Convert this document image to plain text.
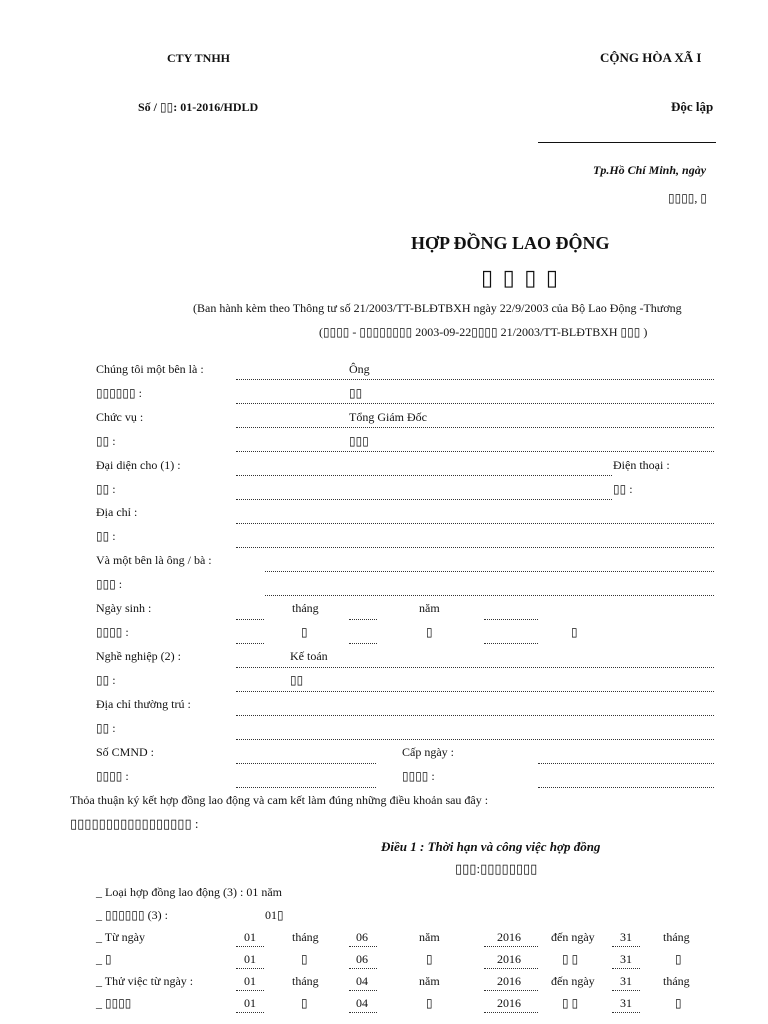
CTY TNHH	CỘNG HÒA XÃ I
Số / ▯▯: 01-2016/HDLD	Độc lập
Tp.Hồ Chí Minh, ngày
▯▯▯▯, ▯
HỢP ĐỒNG LAO ĐỘNG
▯ ▯ ▯ ▯
(Ban hành kèm theo Thông tư số 21/2003/TT-BLĐTBXH ngày 22/9/2003 của Bộ Lao Động -Thương
(▯▯▯▯ - ▯▯▯▯▯▯▯▯ 2003-09-22▯▯▯▯ 21/2003/TT-BLĐTBXH ▯▯▯ )
Chúng tôi một bên là :	Ông
▯▯▯▯▯▯ :	▯▯
Chức vụ :	Tổng Giám Đốc
▯▯ :	▯▯▯
Đại diện cho (1) :	Điện thoại :
▯▯ :	▯▯ :
Địa chỉ :
▯▯ :
Và một bên là ông / bà :
▯▯▯ :
Ngày sinh :	tháng	năm
▯▯▯▯ :	▯	▯	▯
Nghề nghiệp (2) :	Kế toán
▯▯ :	▯▯
Địa chỉ thường trú :
▯▯ :
Số CMND :	Cấp ngày :
▯▯▯▯ :	▯▯▯▯ :
Thỏa thuận ký kết hợp đồng lao động và cam kết làm đúng những điều khoản sau đây :
▯▯▯▯▯▯▯▯▯▯▯▯▯▯▯▯▯ :
Điều 1 : Thời hạn và công việc hợp đồng
▯▯▯:▯▯▯▯▯▯▯▯
_ Loại hợp đồng lao động (3) : 01 năm
_ ▯▯▯▯▯▯ (3) :	01▯
_ Từ ngày	01	tháng	06	năm	2016	đến ngày 31	tháng
_ ▯	01	▯	06	▯	2016	▯ ▯	31	▯
_ Thử việc từ ngày :	01	tháng	04	năm	2016	đến ngày 31	tháng
_ ▯▯▯▯	01	▯	04	▯	2016	▯ ▯	31	▯
